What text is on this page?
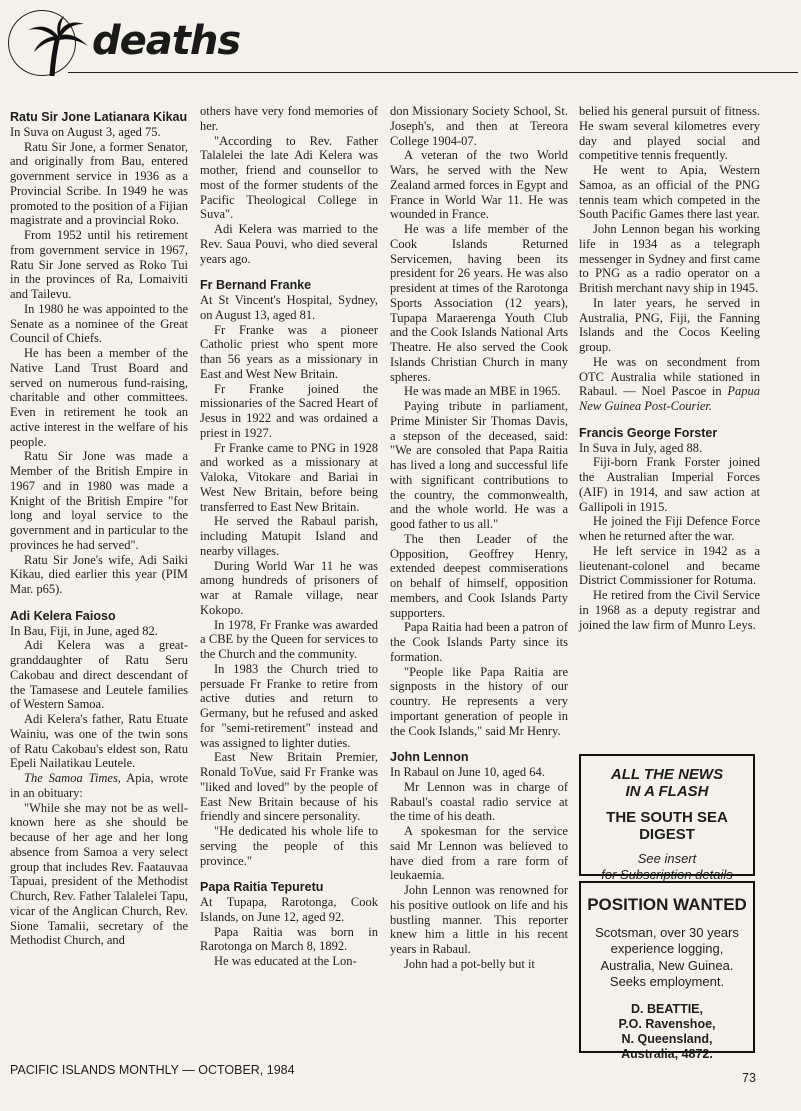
deaths
Ratu Sir Jone Latianara Kikau

In Suva on August 3, aged 75.

Ratu Sir Jone, a former Senator, and originally from Bau, entered government service in 1936 as a Provincial Scribe. In 1949 he was promoted to the position of a Fijian magistrate and a provincial Roko.

From 1952 until his retirement from government service in 1967, Ratu Sir Jone served as Roko Tui in the provinces of Ra, Lomaiviti and Tailevu.

In 1980 he was appointed to the Senate as a nominee of the Great Council of Chiefs.

He has been a member of the Native Land Trust Board and served on numerous fund-raising, charitable and other committees. Even in retirement he took an active interest in the welfare of his people.

Ratu Sir Jone was made a Member of the British Empire in 1967 and in 1980 was made a Knight of the British Empire "for long and loyal service to the government and in particular to the provinces he had served".

Ratu Sir Jone's wife, Adi Saiki Kikau, died earlier this year (PIM Mar. p65).

Adi Kelera Faioso

In Bau, Fiji, in June, aged 82.

Adi Kelera was a great-granddaughter of Ratu Seru Cakobau and direct descendant of the Tamasese and Leutele families of Western Samoa.

Adi Kelera's father, Ratu Etuate Wainiu, was one of the twin sons of Ratu Cakobau's eldest son, Ratu Epeli Nailatikau Leutele.

The Samoa Times, Apia, wrote in an obituary:

"While she may not be as well-known here as she should be because of her age and her long absence from Samoa a very select group that includes Rev. Faatauvaa Tapuai, president of the Methodist Church, Rev. Father Talalelei Tapu, vicar of the Anglican Church, Rev. Sione Tamalii, secretary of the Methodist Church, and

others have very fond memories of her.

"According to Rev. Father Talalelei the late Adi Kelera was mother, friend and counsellor to most of the former students of the Pacific Theological College in Suva".

Adi Kelera was married to the Rev. Saua Pouvi, who died several years ago.

Fr Bernand Franke

At St Vincent's Hospital, Sydney, on August 13, aged 81.

Fr Franke was a pioneer Catholic priest who spent more than 56 years as a missionary in East and West New Britain.

Fr Franke joined the missionaries of the Sacred Heart of Jesus in 1922 and was ordained a priest in 1927.

Fr Franke came to PNG in 1928 and worked as a missionary at Valoka, Vitokare and Bariai in West New Britain, before being transferred to East New Britain.

He served the Rabaul parish, including Matupit Island and nearby villages.

During World War 11 he was among hundreds of prisoners of war at Ramale village, near Kokopo.

In 1978, Fr Franke was awarded a CBE by the Queen for services to the Church and the community.

In 1983 the Church tried to persuade Fr Franke to retire from active duties and return to Germany, but he refused and asked for "semi-retirement" instead and was assigned to lighter duties.

East New Britain Premier, Ronald ToVue, said Fr Franke was "liked and loved" by the people of East New Britain because of his friendly and sincere personality.

"He dedicated his whole life to serving the people of this province."

Papa Raitia Tepuretu

At Tupapa, Rarotonga, Cook Islands, on June 12, aged 92.

Papa Raitia was born in Rarotonga on March 8, 1892.

He was educated at the Lon-

don Missionary Society School, St. Joseph's, and then at Tereora College 1904-07.

A veteran of the two World Wars, he served with the New Zealand armed forces in Egypt and France in World War 11. He was wounded in France.

He was a life member of the Cook Islands Returned Servicemen, having been its president for 26 years. He was also president at times of the Rarotonga Sports Association (12 years), Tupapa Maraerenga Youth Club and the Cook Islands National Arts Theatre. He also served the Cook Islands Christian Church in many spheres.

He was made an MBE in 1965.

Paying tribute in parliament, Prime Minister Sir Thomas Davis, a stepson of the deceased, said: "We are consoled that Papa Raitia has lived a long and successful life with significant contributions to the country, the commonwealth, and the whole world. He was a good father to us all."

The then Leader of the Opposition, Geoffrey Henry, extended deepest commiserations on behalf of himself, opposition members, and Cook Islands Party supporters.

Papa Raitia had been a patron of the Cook Islands Party since its formation.

"People like Papa Raitia are signposts in the history of our country. He represents a very important generation of people in the Cook Islands," said Mr Henry.

John Lennon

In Rabaul on June 10, aged 64.

Mr Lennon was in charge of Rabaul's coastal radio service at the time of his death.

A spokesman for the service said Mr Lennon was believed to have died from a rare form of leukaemia.

John Lennon was renowned for his positive outlook on life and his bustling manner. This reporter knew him a little in his recent years in Rabaul.

John had a pot-belly but it

belied his general pursuit of fitness. He swam several kilometres every day and played social and competitive tennis frequently.

He went to Apia, Western Samoa, as an official of the PNG tennis team which competed in the South Pacific Games there last year.

John Lennon began his working life in 1934 as a telegraph messenger in Sydney and first came to PNG as a radio operator on a British merchant navy ship in 1945.

In later years, he served in Australia, PNG, Fiji, the Fanning Islands and the Cocos Keeling group.

He was on secondment from OTC Australia while stationed in Rabaul. — Noel Pascoe in Papua New Guinea Post-Courier.

Francis George Forster

In Suva in July, aged 88.

Fiji-born Frank Forster joined the Australian Imperial Forces (AIF) in 1914, and saw action at Gallipoli in 1915.

He joined the Fiji Defence Force when he returned after the war.

He left service in 1942 as a lieutenant-colonel and became District Commissioner for Rotuma.

He retired from the Civil Service in 1968 as a deputy registrar and joined the law firm of Munro Leys.

ALL THE NEWS
IN A FLASH
THE SOUTH SEA DIGEST
See insert
for Subscription details
POSITION WANTED
Scotsman, over 30 years
experience logging,
Australia, New Guinea.
Seeks employment.
D. BEATTIE,
P.O. Ravenshoe,
N. Queensland,
Australia, 4872.
PACIFIC ISLANDS MONTHLY — OCTOBER, 1984
73
